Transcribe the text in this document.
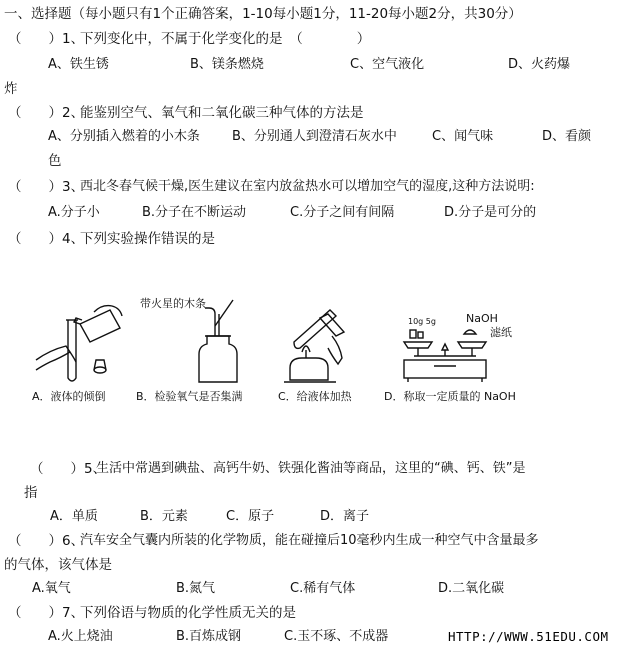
一、选择题（每小题只有1个正确答案，1-10每小题1分，11-20每小题2分，共30分）
（　　）1、
下列变化中，不属于化学变化的是　（　　　　）
A、铁生锈	B、镁条燃烧	C、空气液化	D、火药爆
炸
（　　）2、
能鉴别空气、氧气和二氧化碳三种气体的方法是
A、分别插入燃着的小木条 B、分别通人到澄清石灰水中	C、闻气味	D、看颜
色
（　　）3、
西北冬春气候干燥,医生建议在室内放盆热水可以增加空气的湿度,这种方法说明:
A.分子小	B.分子在不断运动	C.分子之间有间隔	D.分子是可分的
（　　）4、
下列实验操作错误的是
A．液体的倾倒
带火星的木条
B．检验氧气是否集满	C．给液体加热
10g 5g	NaOH
滤纸
D．称取一定质量的 NaOH
（　　）5、
生活中常遇到碘盐、高钙牛奶、铁强化酱油等商品，这里的“碘、钙、铁”是
指
A．单质	B．元素	C．原子	D．离子
（　　）6、
汽车安全气囊内所装的化学物质，能在碰撞后10毫秒内生成一种空气中含量最多
的气体，该气体是
A.氧气	B.氮气	C.稀有气体	D.二氧化碳
（　　）7、
下列俗语与物质的化学性质无关的是
A.火上烧油	B.百炼成钢	C.玉不琢、不成器	HTTP://WWW.51EDU.COM
